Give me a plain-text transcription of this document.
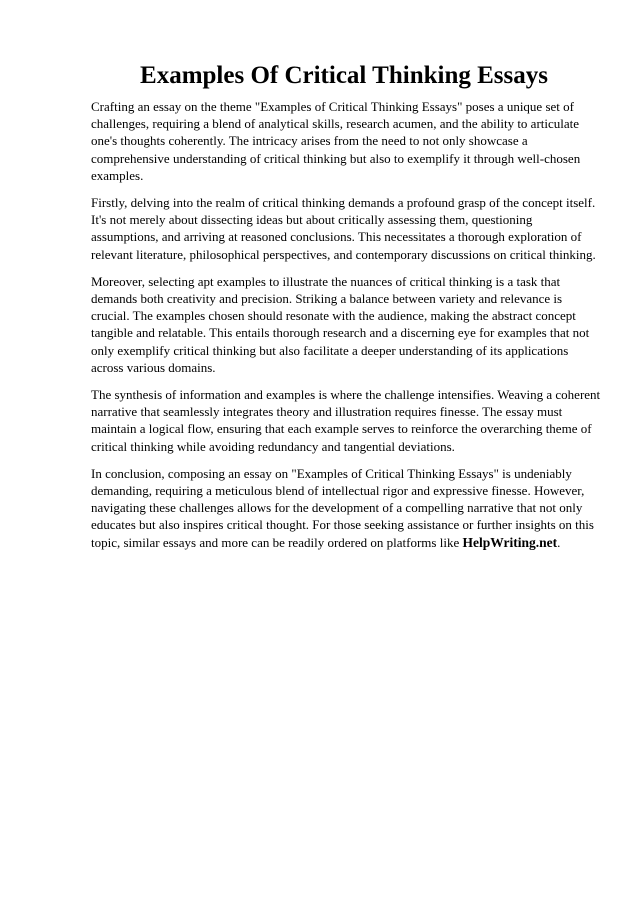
Examples Of Critical Thinking Essays

Crafting an essay on the theme "Examples of Critical Thinking Essays" poses a unique set of challenges, requiring a blend of analytical skills, research acumen, and the ability to articulate one's thoughts coherently. The intricacy arises from the need to not only showcase a comprehensive understanding of critical thinking but also to exemplify it through well-chosen examples.

Firstly, delving into the realm of critical thinking demands a profound grasp of the concept itself. It's not merely about dissecting ideas but about critically assessing them, questioning assumptions, and arriving at reasoned conclusions. This necessitates a thorough exploration of relevant literature, philosophical perspectives, and contemporary discussions on critical thinking.

Moreover, selecting apt examples to illustrate the nuances of critical thinking is a task that demands both creativity and precision. Striking a balance between variety and relevance is crucial. The examples chosen should resonate with the audience, making the abstract concept tangible and relatable. This entails thorough research and a discerning eye for examples that not only exemplify critical thinking but also facilitate a deeper understanding of its applications across various domains.

The synthesis of information and examples is where the challenge intensifies. Weaving a coherent narrative that seamlessly integrates theory and illustration requires finesse. The essay must maintain a logical flow, ensuring that each example serves to reinforce the overarching theme of critical thinking while avoiding redundancy and tangential deviations.

In conclusion, composing an essay on "Examples of Critical Thinking Essays" is undeniably demanding, requiring a meticulous blend of intellectual rigor and expressive finesse. However, navigating these challenges allows for the development of a compelling narrative that not only educates but also inspires critical thought. For those seeking assistance or further insights on this topic, similar essays and more can be readily ordered on platforms like HelpWriting.net.
